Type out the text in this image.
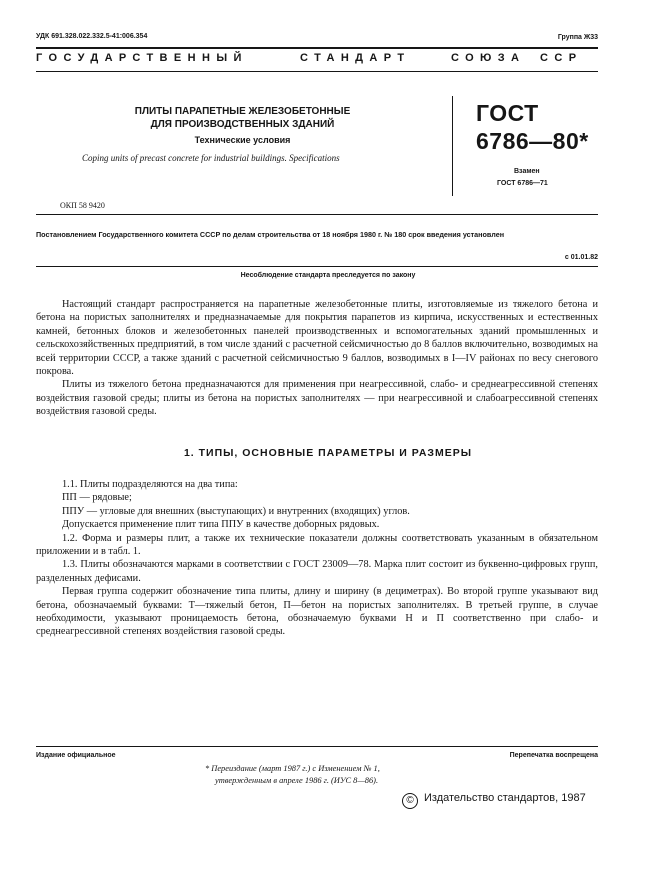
УДК 691.328.022.332.5-41:006.354	Группа Ж33
ГОСУДАРСТВЕННЫЙ	СТАНДАРТ	СОЮЗА ССР
ПЛИТЫ ПАРАПЕТНЫЕ ЖЕЛЕЗОБЕТОННЫЕ
ДЛЯ ПРОИЗВОДСТВЕННЫХ ЗДАНИЙ
Технические условия
Coping units of precast concrete for industrial buildings. Specifications
ГОСТ
6786—80*
Взамен
ГОСТ 6786—71
ОКП 58 9420
Постановлением Государственного комитета СССР по делам строительства от 18 ноября 1980 г. № 180 срок введения установлен
с 01.01.82
Несоблюдение стандарта преследуется по закону

Настоящий стандарт распространяется на парапетные железобетонные плиты, изготовляемые из тяжелого бетона и бетона на пористых заполнителях и предназначаемые для покрытия парапетов из кирпича, искусственных и естественных камней, бетонных блоков и железобетонных панелей производственных и вспомогательных зданий промышленных и сельскохозяйственных предприятий, в том числе зданий с расчетной сейсмичностью до 8 баллов включительно, возводимых на всей территории СССР, а также зданий с расчетной сейсмичностью 9 баллов, возводимых в I—IV районах по весу снегового покрова.

Плиты из тяжелого бетона предназначаются для применения при неагрессивной, слабо- и среднеагрессивной степенях воздействия газовой среды; плиты из бетона на пористых заполнителях — при неагрессивной и слабоагрессивной степенях воздействия газовой среды.

1. ТИПЫ, ОСНОВНЫЕ ПАРАМЕТРЫ И РАЗМЕРЫ

1.1. Плиты подразделяются на два типа:

ПП — рядовые;

ППУ — угловые для внешних (выступающих) и внутренних (входящих) углов.

Допускается применение плит типа ППУ в качестве доборных рядовых.

1.2. Форма и размеры плит, а также их технические показатели должны соответствовать указанным в обязательном приложении и в табл. 1.

1.3. Плиты обозначаются марками в соответствии с ГОСТ 23009—78. Марка плит состоит из буквенно-цифровых групп, разделенных дефисами.

Первая группа содержит обозначение типа плиты, длину и ширину (в дециметрах). Во второй группе указывают вид бетона, обозначаемый буквами: Т—тяжелый бетон, П—бетон на пористых заполнителях. В третьей группе, в случае необходимости, указывают проницаемость бетона, обозначаемую буквами Н и П соответственно при слабо- и среднеагрессивной степенях воздействия газовой среды.

Издание официальное	Перепечатка воспрещена
* Переиздание (март 1987 г.) с Изменением № 1,
утвержденным в апреле 1986 г. (ИУС 8—86).
© Издательство стандартов, 1987
